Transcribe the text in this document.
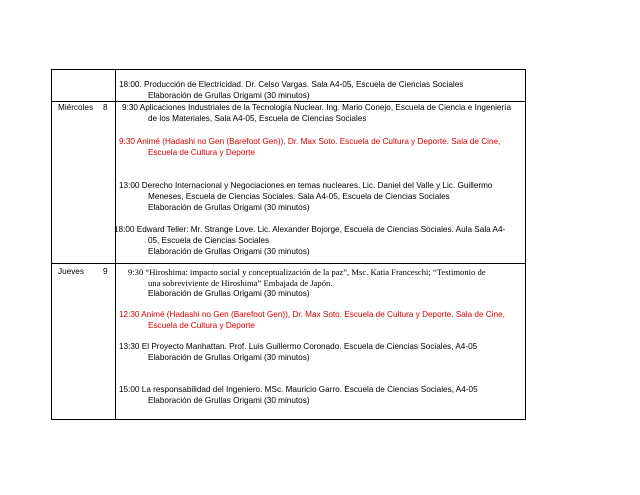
18:00. Producción de Electricidad. Dr. Celso Vargas. Sala A4-05, Escuela de Ciencias Sociales
Elaboración de Grullas Origami (30 minutos)
Miércoles 8 9:30 Aplicaciones Industriales de la Tecnología Nuclear. Ing. Mario Conejo, Escuela de Ciencia e Ingeniería
de los Materiales, Sala A4-05, Escuela de Ciencias Sociales
9:30 Animé (Hadashi no Gen (Barefoot Gen)), Dr. Max Soto. Escuela de Cultura y Deporte. Sala de Cine,
Escuela de Cultura y Deporte
13:00 Derecho Internacional y Negociaciones en temas nucleares. Lic. Daniel del Valle y Lic. Guillermo
Meneses, Escuela de Ciencias Sociales. Sala A4-05, Escuela de Ciencias Sociales
Elaboración de Grullas Origami (30 minutos)
18:00 Edward Teller: Mr. Strange Love. Lic. Alexander Bojorge, Escuela de Ciencias Sociales. Aula Sala A4-
05, Escuela de Ciencias Sociales
Elaboración de Grullas Origami (30 minutos)
Jueves 9 9:30 “Hiroshima: impacto social y conceptualización de la paz”, Msc. Katia Franceschi; “Testimonio de
una sobreviviente de Hiroshima” Embajada de Japón.
Elaboración de Grullas Origami (30 minutos)
12:30 Animé (Hadashi no Gen (Barefoot Gen)), Dr. Max Soto. Escuela de Cultura y Deporte. Sala de Cine,
Escuela de Cultura y Deporte
13:30 El Proyecto Manhattan. Prof. Luis Guillermo Coronado. Escuela de Ciencias Sociales, A4-05
Elaboración de Grullas Origami (30 minutos)
15:00 La responsabilidad del Ingeniero. MSc. Mauricio Garro. Escuela de Ciencias Sociales, A4-05
Elaboración de Grullas Origami (30 minutos)
